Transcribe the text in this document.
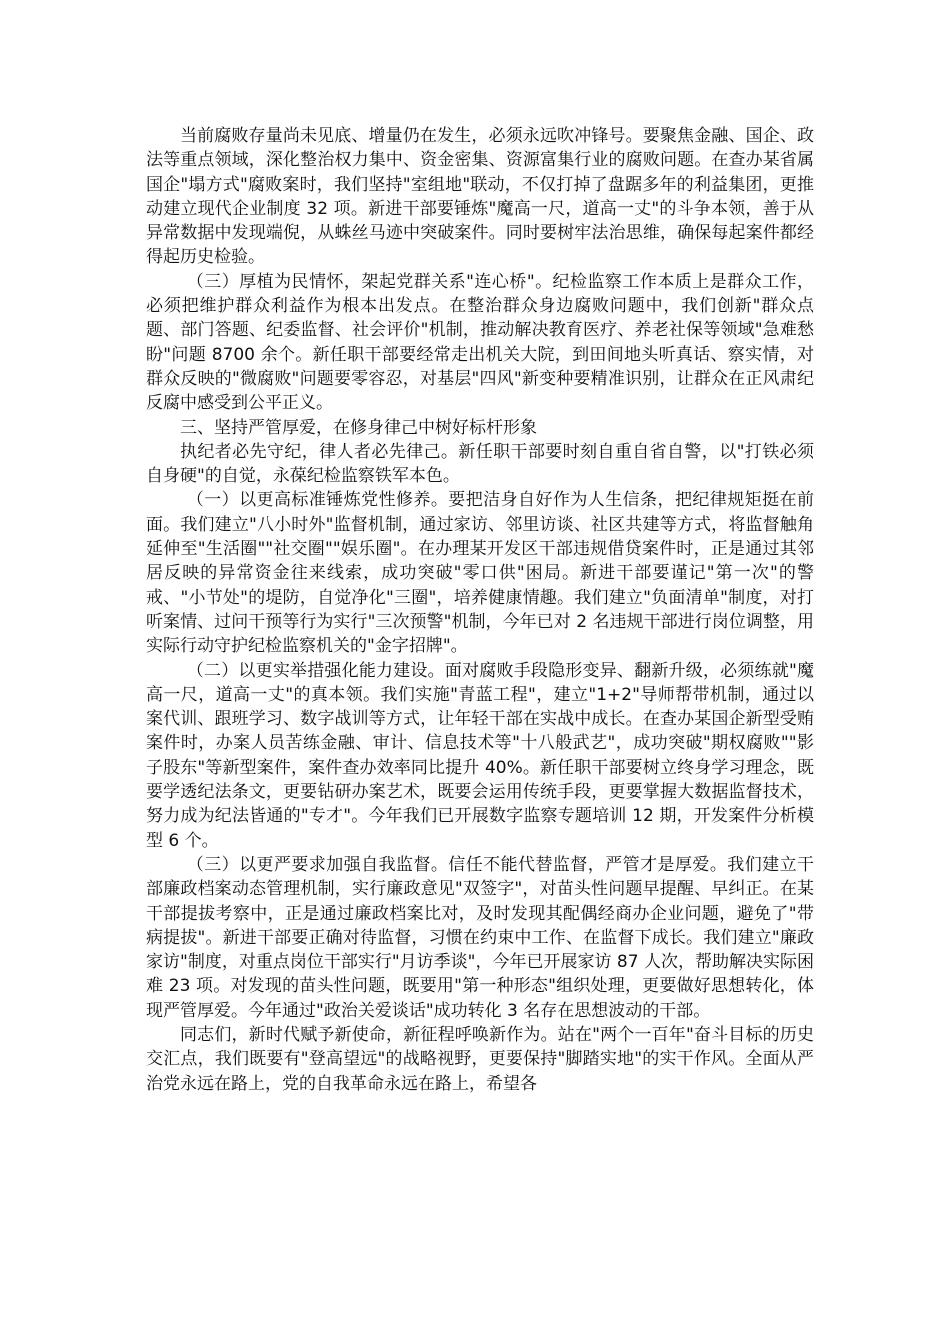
当前腐败存量尚未见底、增量仍在发生，必须永远吹冲锋号。要聚焦金融、国企、政法等重点领域，深化整治权力集中、资金密集、资源富集行业的腐败问题。在查办某省属国企"塌方式"腐败案时，我们坚持"室组地"联动，不仅打掉了盘踞多年的利益集团，更推动建立现代企业制度 32 项。新进干部要锤炼"魔高一尺，道高一丈"的斗争本领，善于从异常数据中发现端倪，从蛛丝马迹中突破案件。同时要树牢法治思维，确保每起案件都经得起历史检验。

（三）厚植为民情怀，架起党群关系"连心桥"。纪检监察工作本质上是群众工作，必须把维护群众利益作为根本出发点。在整治群众身边腐败问题中，我们创新"群众点题、部门答题、纪委监督、社会评价"机制，推动解决教育医疗、养老社保等领域"急难愁盼"问题 8700 余个。新任职干部要经常走出机关大院，到田间地头听真话、察实情，对群众反映的"微腐败"问题要零容忍，对基层"四风"新变种要精准识别，让群众在正风肃纪反腐中感受到公平正义。

三、坚持严管厚爱，在修身律己中树好标杆形象

执纪者必先守纪，律人者必先律己。新任职干部要时刻自重自省自警，以"打铁必须自身硬"的自觉，永葆纪检监察铁军本色。

（一）以更高标准锤炼党性修养。要把洁身自好作为人生信条，把纪律规矩挺在前面。我们建立"八小时外"监督机制，通过家访、邻里访谈、社区共建等方式，将监督触角延伸至"生活圈""社交圈""娱乐圈"。在办理某开发区干部违规借贷案件时，正是通过其邻居反映的异常资金往来线索，成功突破"零口供"困局。新进干部要谨记"第一次"的警戒、"小节处"的堤防，自觉净化"三圈"，培养健康情趣。我们建立"负面清单"制度，对打听案情、过问干预等行为实行"三次预警"机制，今年已对 2 名违规干部进行岗位调整，用实际行动守护纪检监察机关的"金字招牌"。

（二）以更实举措强化能力建设。面对腐败手段隐形变异、翻新升级，必须练就"魔高一尺，道高一丈"的真本领。我们实施"青蓝工程"，建立"1+2"导师帮带机制，通过以案代训、跟班学习、数字战训等方式，让年轻干部在实战中成长。在查办某国企新型受贿案件时，办案人员苦练金融、审计、信息技术等"十八般武艺"，成功突破"期权腐败""影子股东"等新型案件，案件查办效率同比提升 40%。新任职干部要树立终身学习理念，既要学透纪法条文，更要钻研办案艺术，既要会运用传统手段，更要掌握大数据监督技术，努力成为纪法皆通的"专才"。今年我们已开展数字监察专题培训 12 期，开发案件分析模型 6 个。

（三）以更严要求加强自我监督。信任不能代替监督，严管才是厚爱。我们建立干部廉政档案动态管理机制，实行廉政意见"双签字"，对苗头性问题早提醒、早纠正。在某干部提拔考察中，正是通过廉政档案比对，及时发现其配偶经商办企业问题，避免了"带病提拔"。新进干部要正确对待监督，习惯在约束中工作、在监督下成长。我们建立"廉政家访"制度，对重点岗位干部实行"月访季谈"，今年已开展家访 87 人次，帮助解决实际困难 23 项。对发现的苗头性问题，既要用"第一种形态"组织处理，更要做好思想转化，体现严管厚爱。今年通过"政治关爱谈话"成功转化 3 名存在思想波动的干部。

同志们，新时代赋予新使命，新征程呼唤新作为。站在"两个一百年"奋斗目标的历史交汇点，我们既要有"登高望远"的战略视野，更要保持"脚踏实地"的实干作风。全面从严治党永远在路上，党的自我革命永远在路上，希望各
